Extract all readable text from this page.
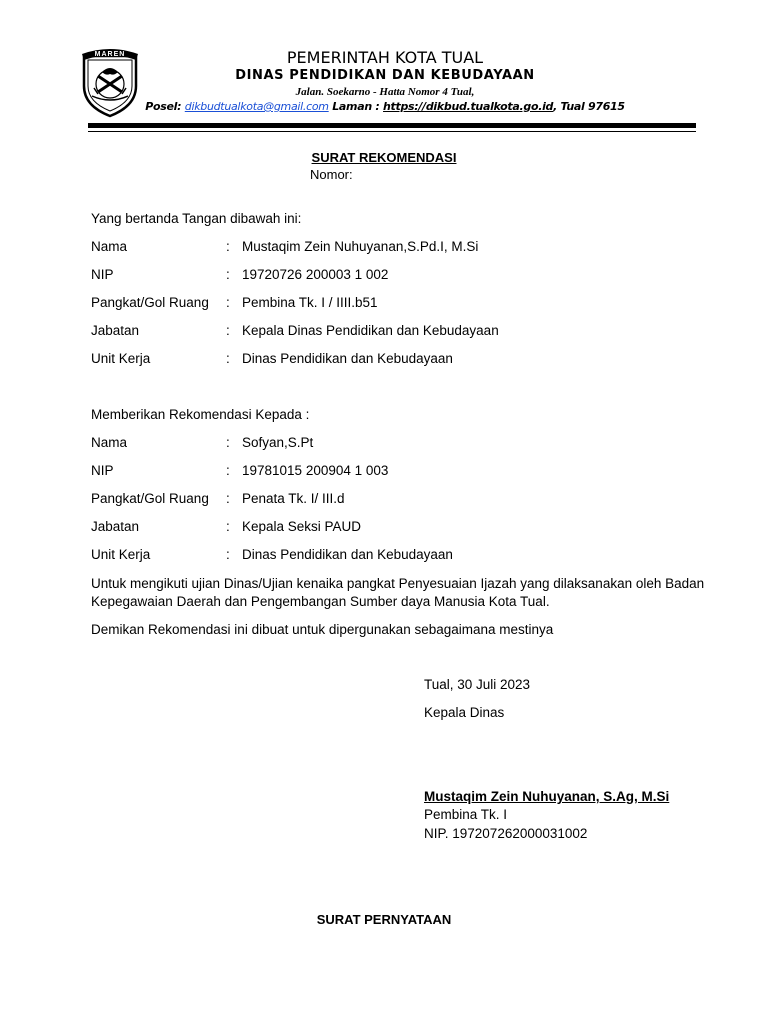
MAREN	PEMERINTAH KOTA TUAL
DINAS PENDIDIKAN DAN KEBUDAYAAN
Jalan. Soekarno - Hatta Nomor 4 Tual,
Posel: dikbudtualkota@gmail.com Laman : https://dikbud.tualkota.go.id, Tual 97615
SURAT REKOMENDASI
Nomor:
Yang bertanda Tangan dibawah ini:
Nama	: Mustaqim Zein Nuhuyanan,S.Pd.I, M.Si
NIP	: 19720726 200003 1 002
Pangkat/Gol Ruang : Pembina Tk. I / IIII.b51
Jabatan	: Kepala Dinas Pendidikan dan Kebudayaan
Unit Kerja	: Dinas Pendidikan dan Kebudayaan
Memberikan Rekomendasi Kepada :
Nama	: Sofyan,S.Pt
NIP	: 19781015 200904 1 003
Pangkat/Gol Ruang : Penata Tk. I/ III.d
Jabatan	: Kepala Seksi PAUD
Unit Kerja	: Dinas Pendidikan dan Kebudayaan
Untuk mengikuti ujian Dinas/Ujian kenaika pangkat Penyesuaian Ijazah yang dilaksanakan oleh Badan Kepegawaian Daerah dan Pengembangan Sumber daya Manusia Kota Tual.
Demikan Rekomendasi ini dibuat untuk dipergunakan sebagaimana mestinya
Tual, 30 Juli 2023
Kepala Dinas
Mustaqim Zein Nuhuyanan, S.Ag, M.Si
Pembina Tk. I
NIP. 197207262000031002
SURAT PERNYATAAN
